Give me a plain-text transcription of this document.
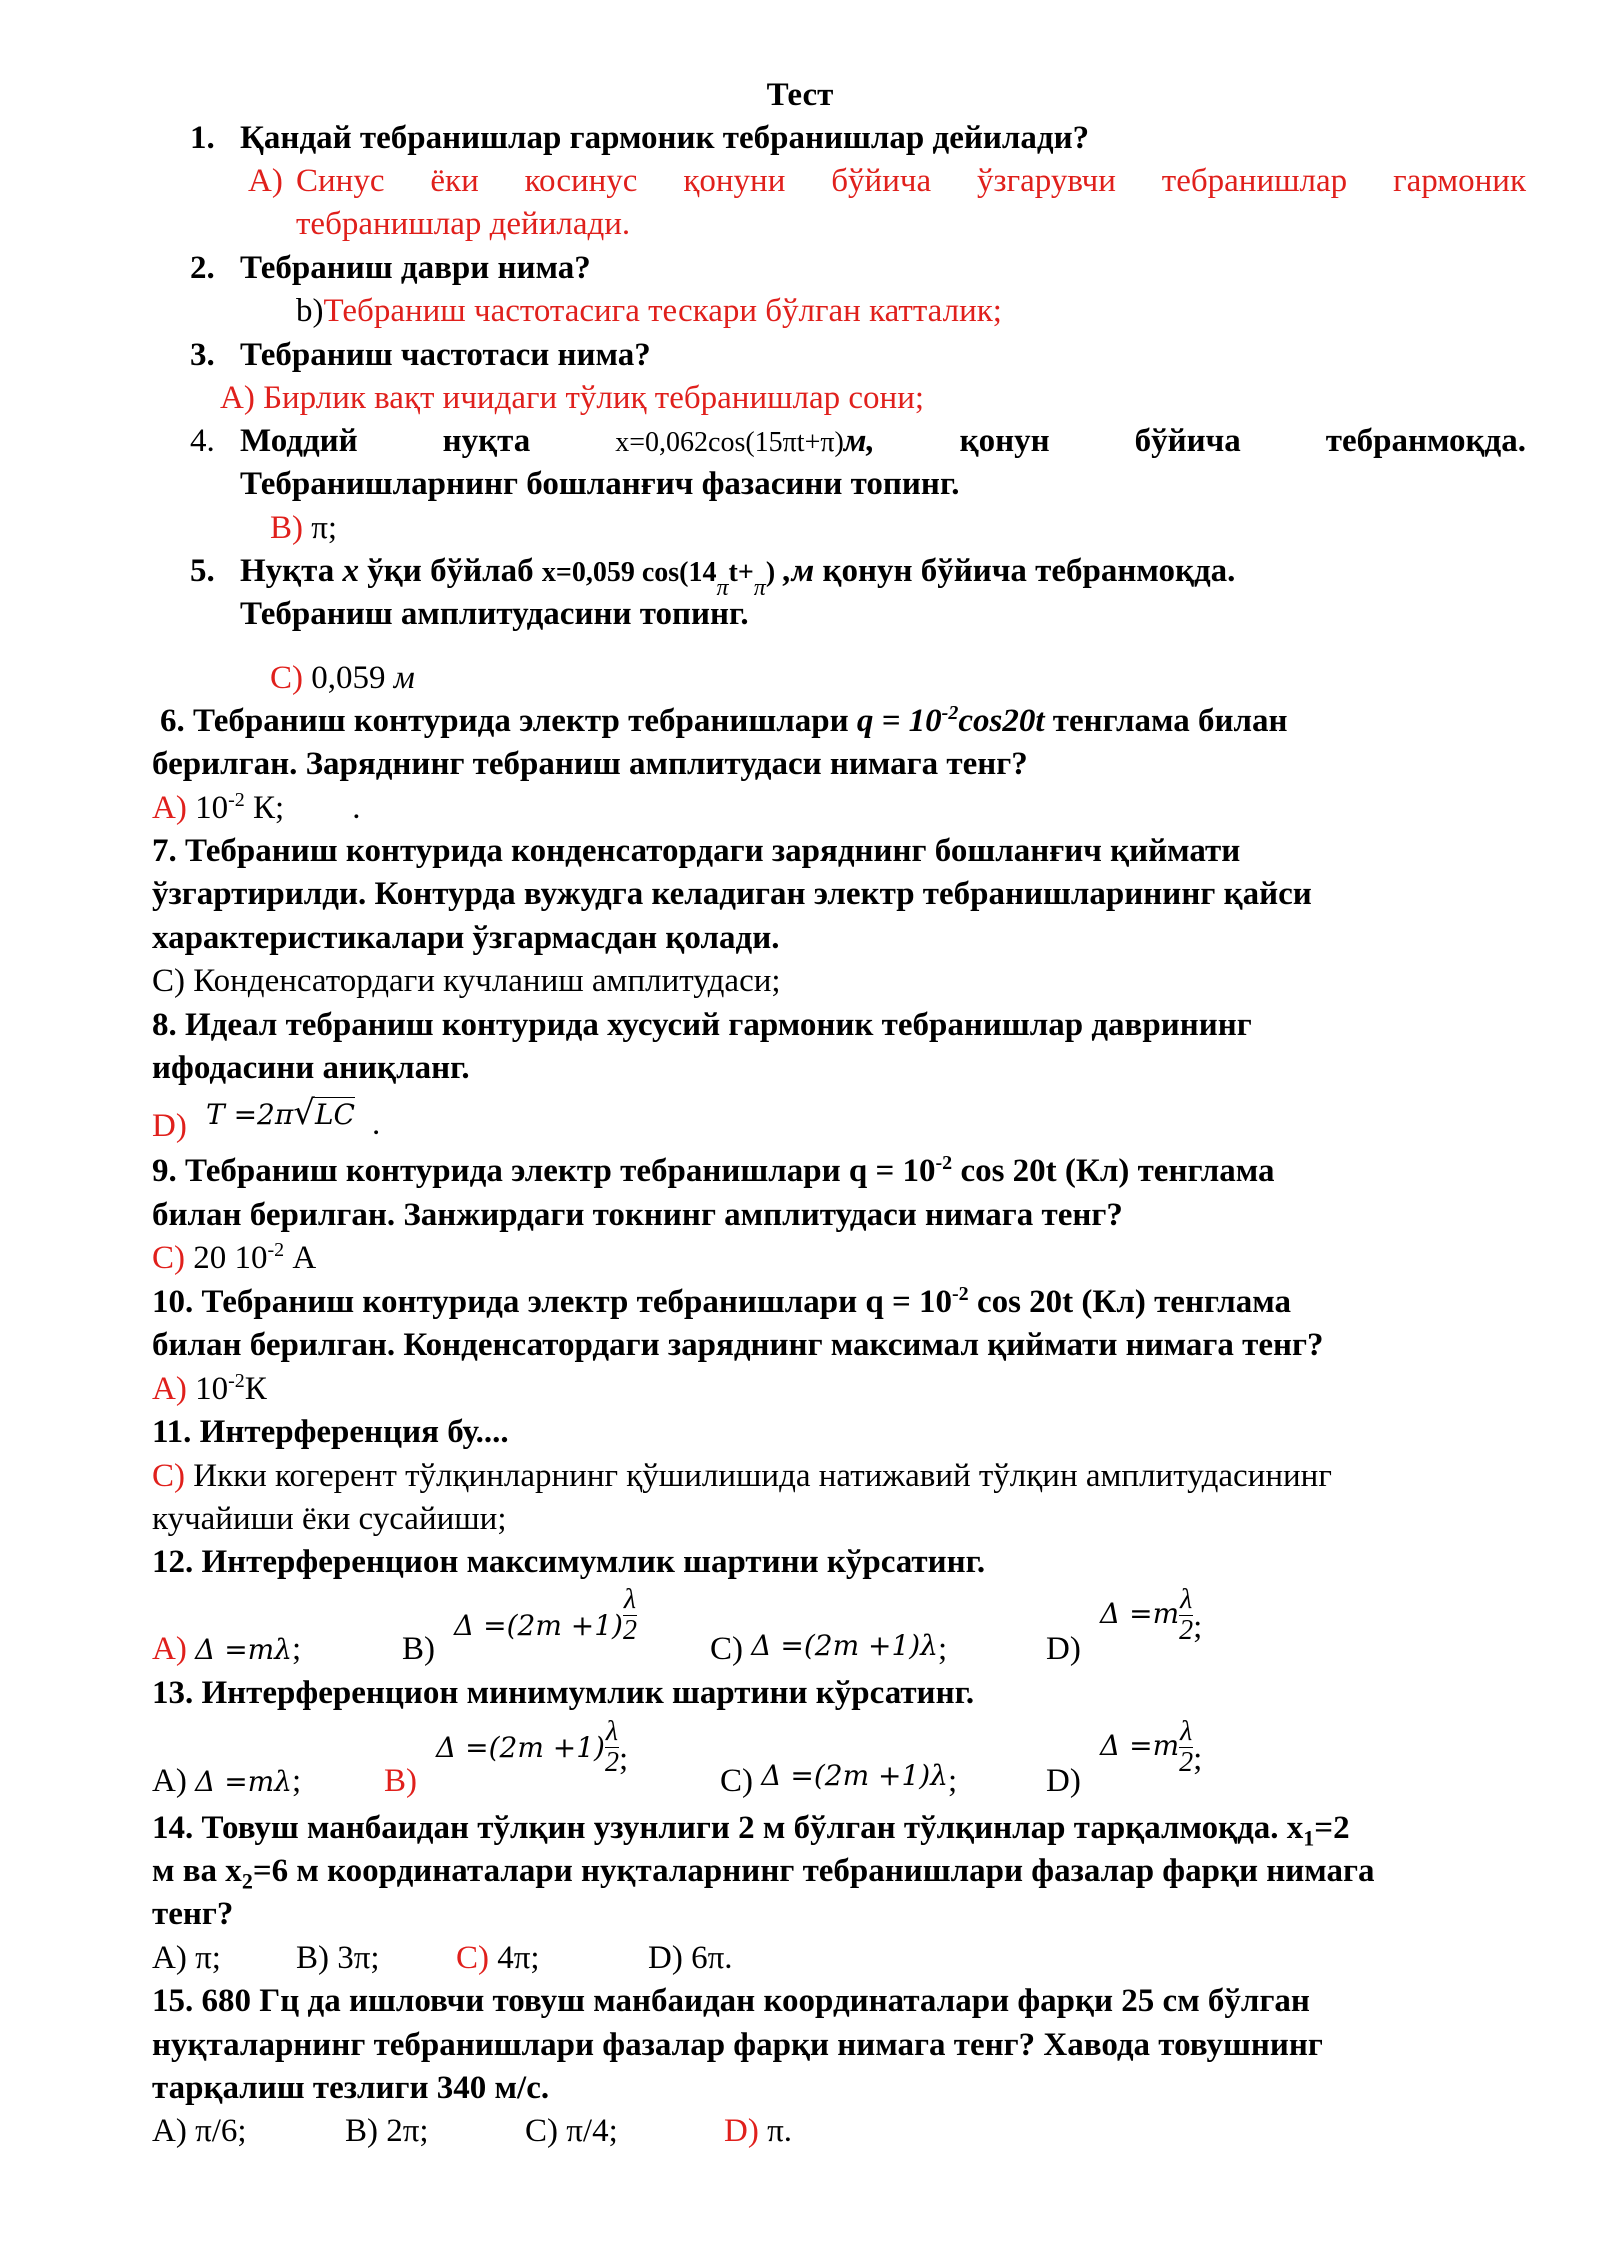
Тест
1. Қандай тебранишлар гармоник тебранишлар дейилади?
А) Синус ёки косинус қонуни бўйича ўзгарувчи тебранишлар гармоник
тебранишлар дейилади.
2. Тебраниш даври нима?
b)Тебраниш частотасига тескари бўлган катталик;
3. Тебраниш частотаси нима?
А) Бирлик вақт ичидаги тўлиқ тебранишлар сони;
4. Моддий	нуқта	x=0,062cos(15πt+π)м,	қонун	бўйича	тебранмоқда.
Тебранишларнинг бошланғич фазасини топинг.
В) π;
5. Нуқта х ўқи бўйлаб x=0,059 cos(14πt+π) ,м қонун бўйича тебранмоқда.
Тебраниш амплитудасини топинг.
С) 0,059 м
6. Тебраниш контурида электр тебранишлари $q = 10^{-2}\cos 20t$ тенглама билан
берилган. Заряднинг тебраниш амплитудаси нимага тенг?
А) $10^{-2}$ К; .
7. Тебраниш контурида конденсатордаги заряднинг бошланғич қиймати
ўзгартирилди. Контурда вужудга келадиган электр тебранишларининг қайси
характеристикалари ўзгармасдан қолади.
С) Конденсатордаги кучланиш амплитудаси;
8. Идеал тебраниш контурида хусусий гармоник тебранишлар даврининг
ифодасини аниқланг.
D) T =2π√LC .
9. Тебраниш контурида электр тебранишлари $q = 10^{-2}$ cos 20t (Кл) тенглама
билан берилган. Занжирдаги токнинг амплитудаси нимага тенг?
С) 20 $10^{-2}$ А
10. Тебраниш контурида электр тебранишлари $q = 10^{-2}$ cos 20t (Кл) тенглама
билан берилган. Конденсатордаги заряднинг максимал қиймати нимага тенг?
А) $10^{-2}К$
11. Интерференция бу....
С) Икки когерент тўлқинларнинг қўшилишида натижавий тўлқин амплитудасининг
кучайиши ёки сусайиши;
12. Интерференцион максимумлик шартини кўрсатинг.
А) Δ =mλ;	В)
$_{\Delta =(2m +1)} \frac{\lambda}{2}$
С) Δ =(2m +1)λ;	D)
$\Delta =m \frac{\lambda}{2}$ ;
13. Интерференцион минимумлик шартини кўрсатинг.
А) Δ =mλ;	В)
$\Delta =(2m +1) \frac{\lambda}{2}$ ;
С) Δ =(2m +1)λ;	D)
$\Delta =m \frac{\lambda}{2}$ ;
14. Товуш манбаидан тўлқин узунлиги 2 м бўлган тўлқинлар тарқалмоқда. $x_1=2$
м ва $x_2=6$ м координаталари нуқталарнинг тебранишлари фазалар фарқи нимага
тенг?
А) π; В) 3π; С) 4π;	D) 6π.
15. 680 Гц да ишловчи товуш манбаидан координаталари фарқи 25 см бўлган
нуқталарнинг тебранишлари фазалар фарқи нимага тенг? Хавода товушнинг
тарқалиш тезлиги 340 м/с.
А) π/6;	В) 2π;	С) π/4;	D) π.
